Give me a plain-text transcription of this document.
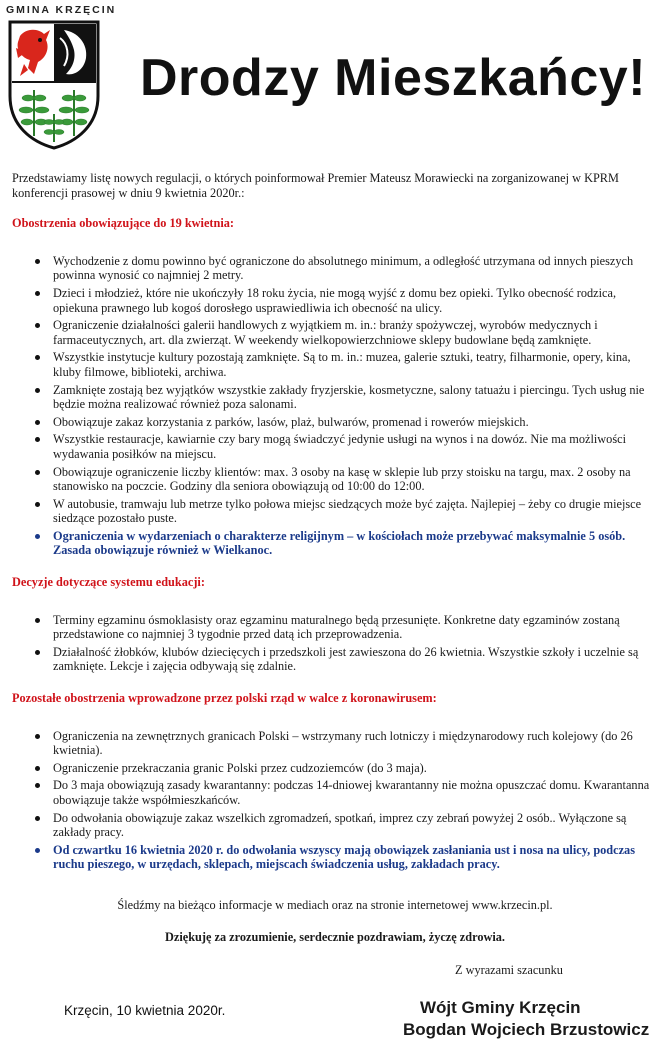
GMINA KRZĘCIN
Drodzy Mieszkańcy!

Przedstawiamy listę nowych regulacji, o których poinformował Premier Mateusz Morawiecki na zorganizowanej w KPRM konferencji prasowej w dniu 9 kwietnia 2020r.:

Obostrzenia obowiązujące do 19 kwietnia:
Wychodzenie z domu powinno być ograniczone do absolutnego minimum, a odległość utrzymana od innych pieszych powinna wynosić co najmniej 2 metry.
Dzieci i młodzież, które nie ukończyły 18 roku życia, nie mogą wyjść z domu bez opieki. Tylko obecność rodzica, opiekuna prawnego lub kogoś dorosłego usprawiedliwia ich obecność na ulicy.
Ograniczenie działalności galerii handlowych z wyjątkiem m. in.: branży spożywczej, wyrobów medycznych i farmaceutycznych, art. dla zwierząt. W weekendy wielkopowierzchniowe sklepy budowlane będą zamknięte.
Wszystkie instytucje kultury pozostają zamknięte. Są to m. in.: muzea, galerie sztuki, teatry, filharmonie, opery, kina, kluby filmowe, biblioteki, archiwa.
Zamknięte zostają bez wyjątków wszystkie zakłady fryzjerskie, kosmetyczne, salony tatuażu i piercingu. Tych usług nie będzie można realizować również poza salonami.
Obowiązuje zakaz korzystania z parków, lasów, plaż, bulwarów, promenad i rowerów miejskich.
Wszystkie restauracje, kawiarnie czy bary mogą świadczyć jedynie usługi na wynos i na dowóz. Nie ma możliwości wydawania posiłków na miejscu.
Obowiązuje ograniczenie liczby klientów: max. 3 osoby na kasę w sklepie lub przy stoisku na targu, max. 2 osoby na stanowisko na poczcie. Godziny dla seniora obowiązują od 10:00 do 12:00.
W autobusie, tramwaju lub metrze tylko połowa miejsc siedzących może być zajęta. Najlepiej – żeby co drugie miejsce siedzące pozostało puste.
Ograniczenia w wydarzeniach o charakterze religijnym – w kościołach może przebywać maksymalnie 5 osób. Zasada obowiązuje również w Wielkanoc.
Decyzje dotyczące systemu edukacji:
Terminy egzaminu ósmoklasisty oraz egzaminu maturalnego będą przesunięte. Konkretne daty egzaminów zostaną przedstawione co najmniej 3 tygodnie przed datą ich przeprowadzenia.
Działalność żłobków, klubów dziecięcych i przedszkoli jest zawieszona do 26 kwietnia. Wszystkie szkoły i uczelnie są zamknięte. Lekcje i zajęcia odbywają się zdalnie.
Pozostałe obostrzenia wprowadzone przez polski rząd w walce z koronawirusem:
Ograniczenia na zewnętrznych granicach Polski – wstrzymany ruch lotniczy i międzynarodowy ruch kolejowy (do 26 kwietnia).
Ograniczenie przekraczania granic Polski przez cudzoziemców (do 3 maja).
Do 3 maja obowiązują zasady kwarantanny: podczas 14-dniowej kwarantanny nie można opuszczać domu. Kwarantanna obowiązuje także współmieszkańców.
Do odwołania obowiązuje zakaz wszelkich zgromadzeń, spotkań, imprez czy zebrań powyżej 2 osób.. Wyłączone są zakłady pracy.
Od czwartku 16 kwietnia 2020 r. do odwołania wszyscy mają obowiązek zasłaniania ust i nosa na ulicy, podczas ruchu pieszego, w urzędach, sklepach, miejscach świadczenia usług, zakładach pracy.

Śledźmy na bieżąco informacje w mediach oraz na stronie internetowej www.krzecin.pl.

Dziękuję za zrozumienie, serdecznie pozdrawiam, życzę zdrowia.

Z wyrazami szacunku
Krzęcin, 10 kwietnia 2020r.	Wójt Gminy Krzęcin
Bogdan Wojciech Brzustowicz
